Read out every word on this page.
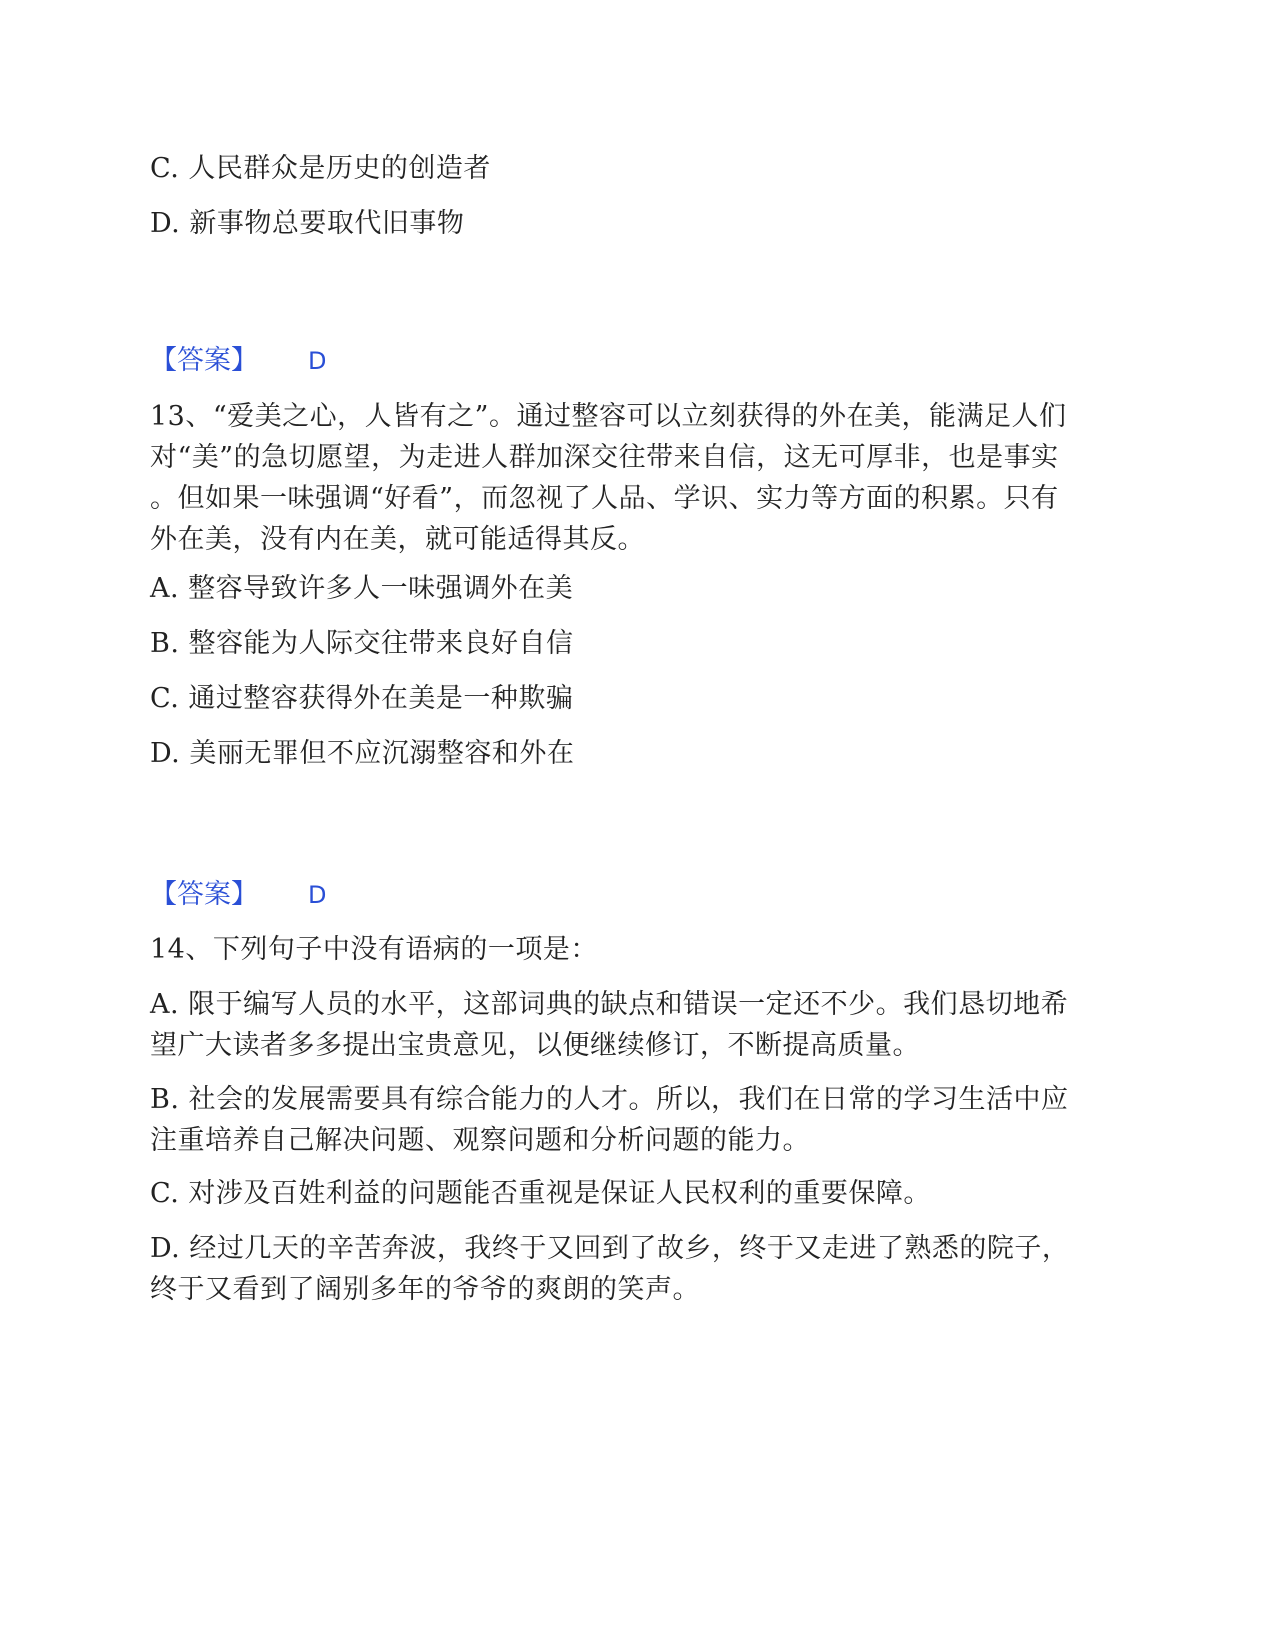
C. 人民群众是历史的创造者
D. 新事物总要取代旧事物
【答案】 D
13、“爱美之心，人皆有之”。通过整容可以立刻获得的外在美，能满足人们
对“美”的急切愿望，为走进人群加深交往带来自信，这无可厚非，也是事实
。但如果一味强调“好看”，而忽视了人品、学识、实力等方面的积累。只有
外在美，没有内在美，就可能适得其反。
A. 整容导致许多人一味强调外在美
B. 整容能为人际交往带来良好自信
C. 通过整容获得外在美是一种欺骗
D. 美丽无罪但不应沉溺整容和外在
【答案】 D
14、下列句子中没有语病的一项是：
A. 限于编写人员的水平，这部词典的缺点和错误一定还不少。我们恳切地希
望广大读者多多提出宝贵意见，以便继续修订，不断提高质量。
B. 社会的发展需要具有综合能力的人才。所以，我们在日常的学习生活中应
注重培养自己解决问题、观察问题和分析问题的能力。
C. 对涉及百姓利益的问题能否重视是保证人民权利的重要保障。
D. 经过几天的辛苦奔波，我终于又回到了故乡，终于又走进了熟悉的院子，
终于又看到了阔别多年的爷爷的爽朗的笑声。
